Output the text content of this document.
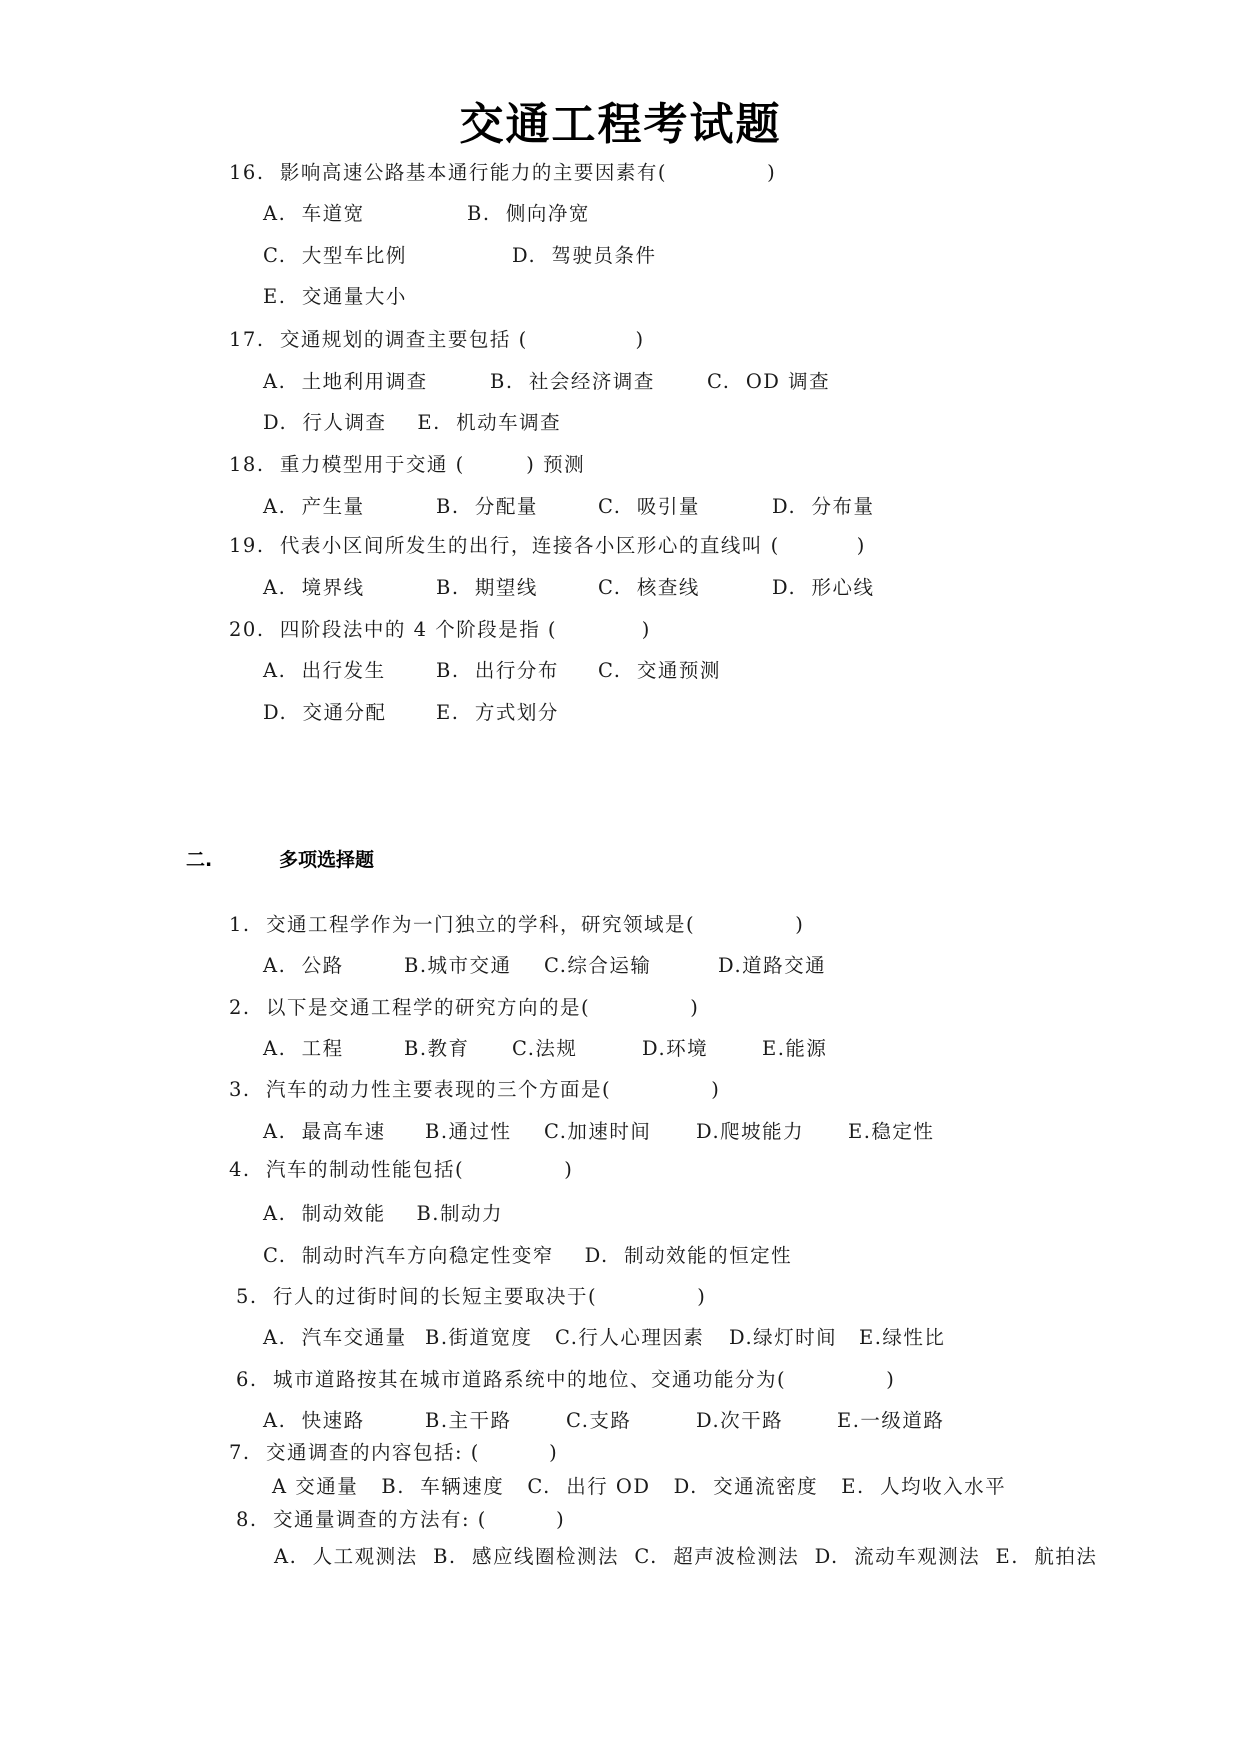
交通工程考试题
16.  影响高速公路基本通行能力的主要因素有(             )
A.  车道宽	B.  侧向净宽
C.  大型车比例	D.  驾驶员条件
E.  交通量大小
17.  交通规划的调查主要包括 (              )
A.  土地利用调查	B.  社会经济调查	C.  OD 调查
D.  行人调查    E.  机动车调查
18.  重力模型用于交通 (        ) 预测
A.  产生量	B.  分配量	C.  吸引量	D.  分布量
19.  代表小区间所发生的出行，连接各小区形心的直线叫 (          )
A.  境界线	B.  期望线	C.  核查线	D.  形心线
20.  四阶段法中的 4 个阶段是指 (           )
A.  出行发生	B.  出行分布 C.  交通预测
D.  交通分配	E.  方式划分
二.	多项选择题
1.  交通工程学作为一门独立的学科，研究领域是(             )
A.  公路	B.城市交通 C.综合运输	D.道路交通
2.  以下是交通工程学的研究方向的是(             )
A.  工程	B.教育 C.法规	D.环境	E.能源
3.  汽车的动力性主要表现的三个方面是(             )
A.  最高车速 B.通过性 C.加速时间 D.爬坡能力 E.稳定性
4.  汽车的制动性能包括(             )
A.  制动效能    B.制动力
C.  制动时汽车方向稳定性变窄    D.  制动效能的恒定性
5.  行人的过街时间的长短主要取决于(             )
A.  汽车交通量 B.街道宽度 C.行人心理因素 D.绿灯时间 E.绿性比
6.  城市道路按其在城市道路系统中的地位、交通功能分为(             )
A.  快速路	B.主干路	C.支路	D.次干路	E.一级道路
7.  交通调查的内容包括: (         )
A 交通量   B.  车辆速度   C.  出行 OD   D.  交通流密度   E.  人均收入水平
8.  交通量调查的方法有: (         )
A.  人工观测法  B.  感应线圈检测法  C.  超声波检测法  D.  流动车观测法  E.  航拍法
